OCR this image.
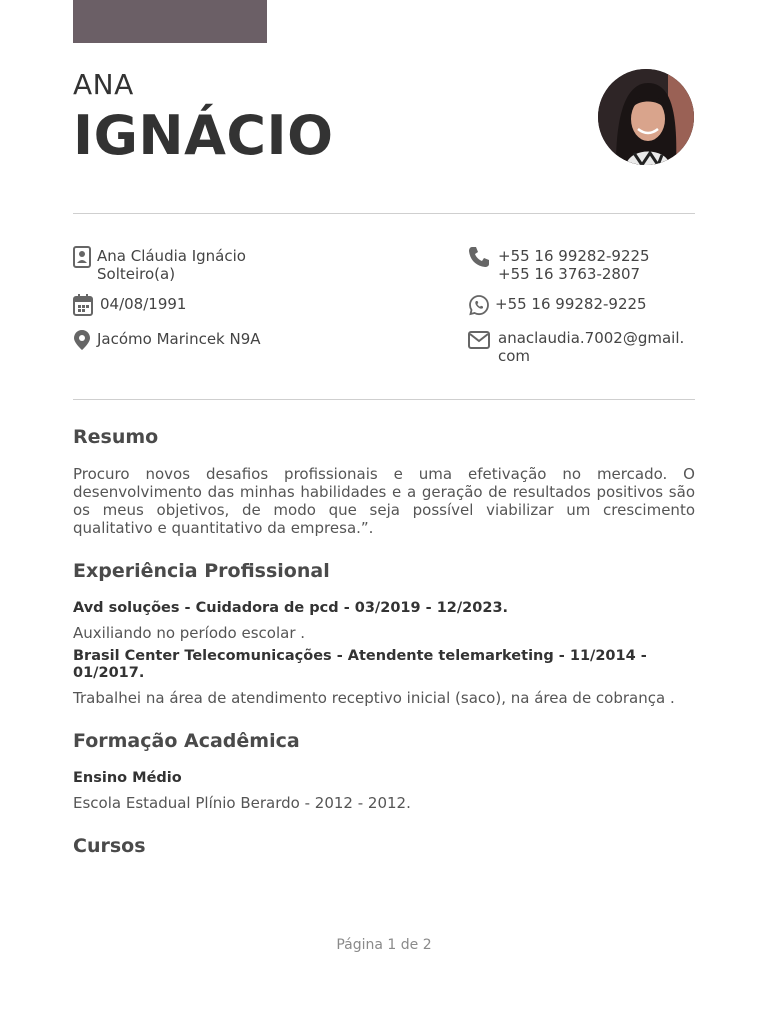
ANA
IGNÁCIO
Ana Cláudia Ignácio
Solteiro(a)
04/08/1991
Jacómo Marincek N9A
+55 16 99282-9225
+55 16 3763-2807
+55 16 99282-9225
anaclaudia.7002@gmail.
com
Resumo
Procuro novos desafios profissionais e uma efetivação no mercado. O desenvolvimento das minhas habilidades e a geração de resultados positivos são os meus objetivos, de modo que seja possível viabilizar um crescimento qualitativo e quantitativo da empresa.”.
Experiência Profissional
Avd soluções - Cuidadora de pcd - 03/2019 - 12/2023.
Auxiliando no período escolar .
Brasil Center Telecomunicações - Atendente telemarketing - 11/2014 - 01/2017.
Trabalhei na área de atendimento receptivo inicial (saco), na área de cobrança .
Formação Acadêmica
Ensino Médio
Escola Estadual Plínio Berardo - 2012 - 2012.
Cursos
Página 1 de 2
